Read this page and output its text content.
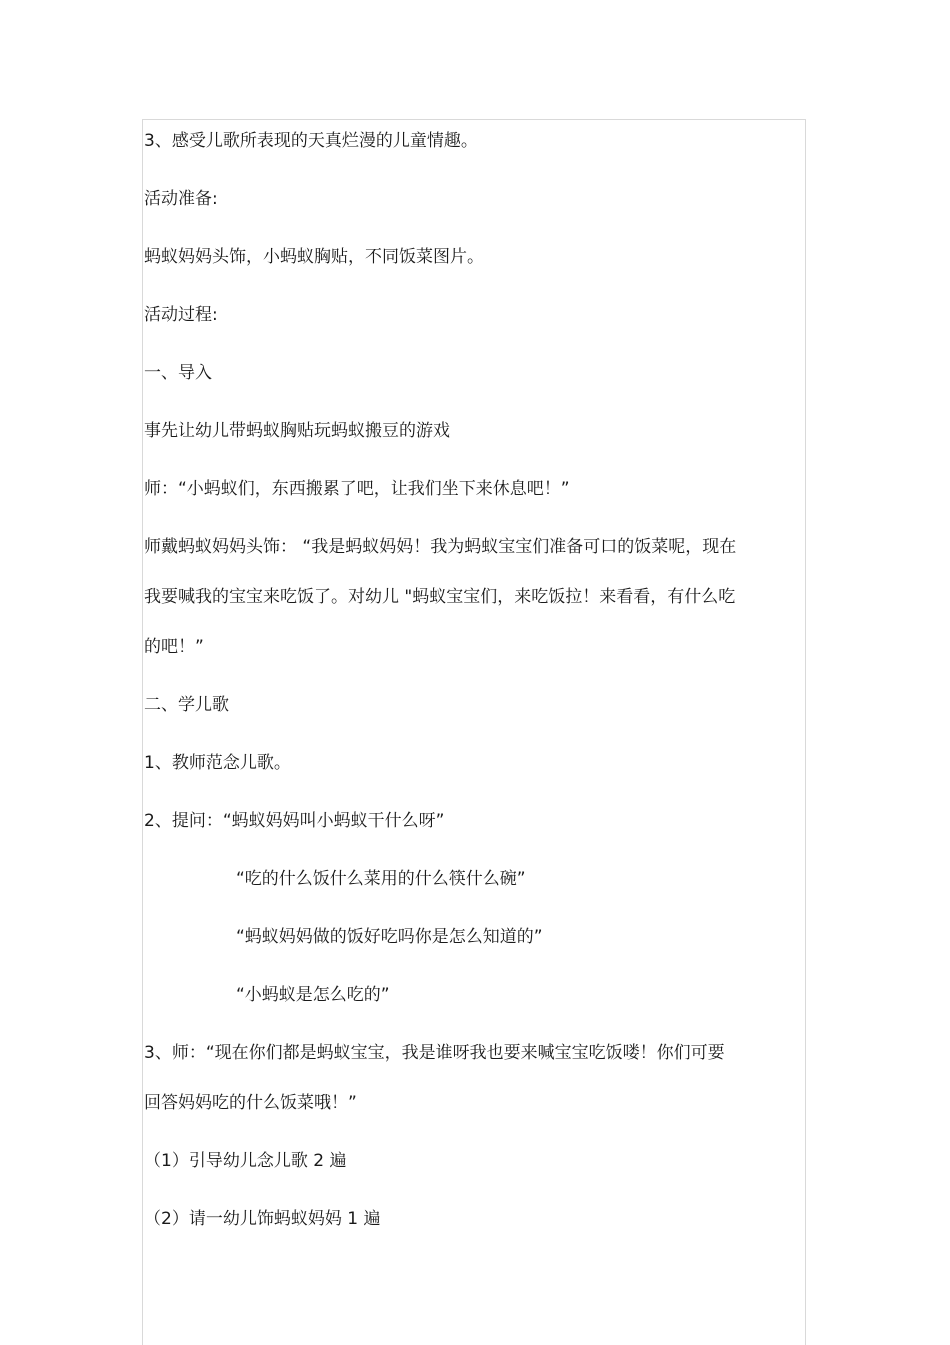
3、感受儿歌所表现的天真烂漫的儿童情趣。
活动准备:
蚂蚁妈妈头饰，小蚂蚁胸贴，不同饭菜图片。
活动过程:
一、导入
事先让幼儿带蚂蚁胸贴玩蚂蚁搬豆的游戏
师：“小蚂蚁们，东西搬累了吧，让我们坐下来休息吧！”
师戴蚂蚁妈妈头饰： “我是蚂蚁妈妈！我为蚂蚁宝宝们准备可口的饭菜呢，现在
我要喊我的宝宝来吃饭了。对幼儿 "蚂蚁宝宝们，来吃饭拉！来看看，有什么吃
的吧！”
二、学儿歌
1、教师范念儿歌。
2、提问：“蚂蚁妈妈叫小蚂蚁干什么呀”
“吃的什么饭什么菜用的什么筷什么碗”
“蚂蚁妈妈做的饭好吃吗你是怎么知道的”
“小蚂蚁是怎么吃的”
3、师：“现在你们都是蚂蚁宝宝，我是谁呀我也要来喊宝宝吃饭喽！你们可要
回答妈妈吃的什么饭菜哦！”
（1）引导幼儿念儿歌 2 遍
（2）请一幼儿饰蚂蚁妈妈 1 遍
